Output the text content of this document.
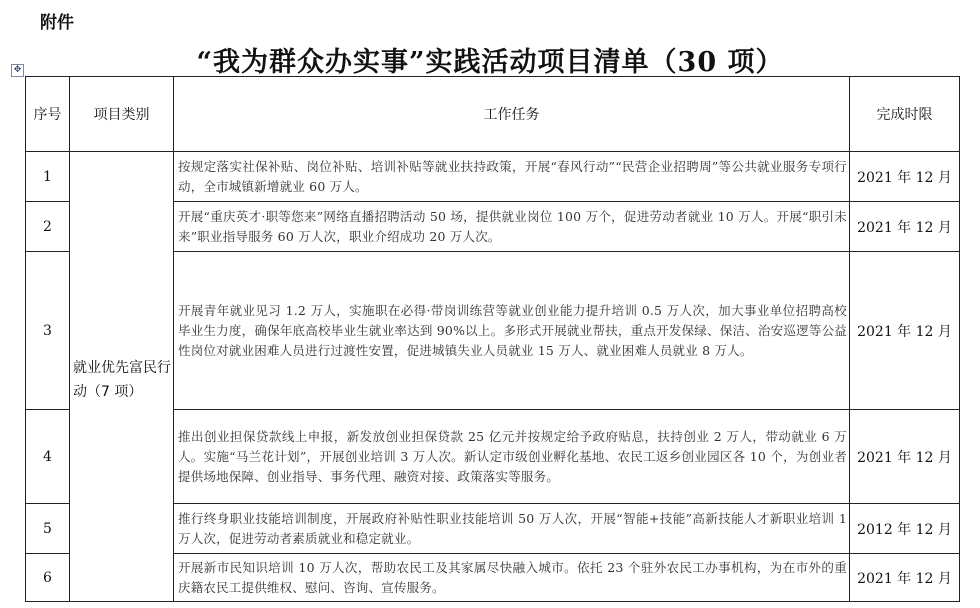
附件
“我为群众办实事”实践活动项目清单（30 项）
✥
序号	项目类别	工作任务	完成时限
1	就业优先富民行动（7 项）	按规定落实社保补贴、岗位补贴、培训补贴等就业扶持政策，开展“春风行动”“民营企业招聘周”等公共就业服务专项行动，全市城镇新增就业 60 万人。	2021 年 12 月
2		开展“重庆英才·职等您来”网络直播招聘活动 50 场，提供就业岗位 100 万个，促进劳动者就业 10 万人。开展“职引未来”职业指导服务 60 万人次，职业介绍成功 20 万人次。	2021 年 12 月
3		开展青年就业见习 1.2 万人，实施职在必得·带岗训练营等就业创业能力提升培训 0.5 万人次，加大事业单位招聘高校毕业生力度，确保年底高校毕业生就业率达到 90%以上。多形式开展就业帮扶，重点开发保绿、保洁、治安巡逻等公益性岗位对就业困难人员进行过渡性安置，促进城镇失业人员就业 15 万人、就业困难人员就业 8 万人。	2021 年 12 月
4		推出创业担保贷款线上申报，新发放创业担保贷款 25 亿元并按规定给予政府贴息，扶持创业 2 万人，带动就业 6 万人。实施“马兰花计划”，开展创业培训 3 万人次。新认定市级创业孵化基地、农民工返乡创业园区各 10 个，为创业者提供场地保障、创业指导、事务代理、融资对接、政策落实等服务。	2021 年 12 月
5		推行终身职业技能培训制度，开展政府补贴性职业技能培训 50 万人次，开展“智能+技能”高新技能人才新职业培训 1 万人次，促进劳动者素质就业和稳定就业。	2012 年 12 月
6		开展新市民知识培训 10 万人次，帮助农民工及其家属尽快融入城市。依托 23 个驻外农民工办事机构，为在市外的重庆籍农民工提供维权、慰问、咨询、宣传服务。	2021 年 12 月
